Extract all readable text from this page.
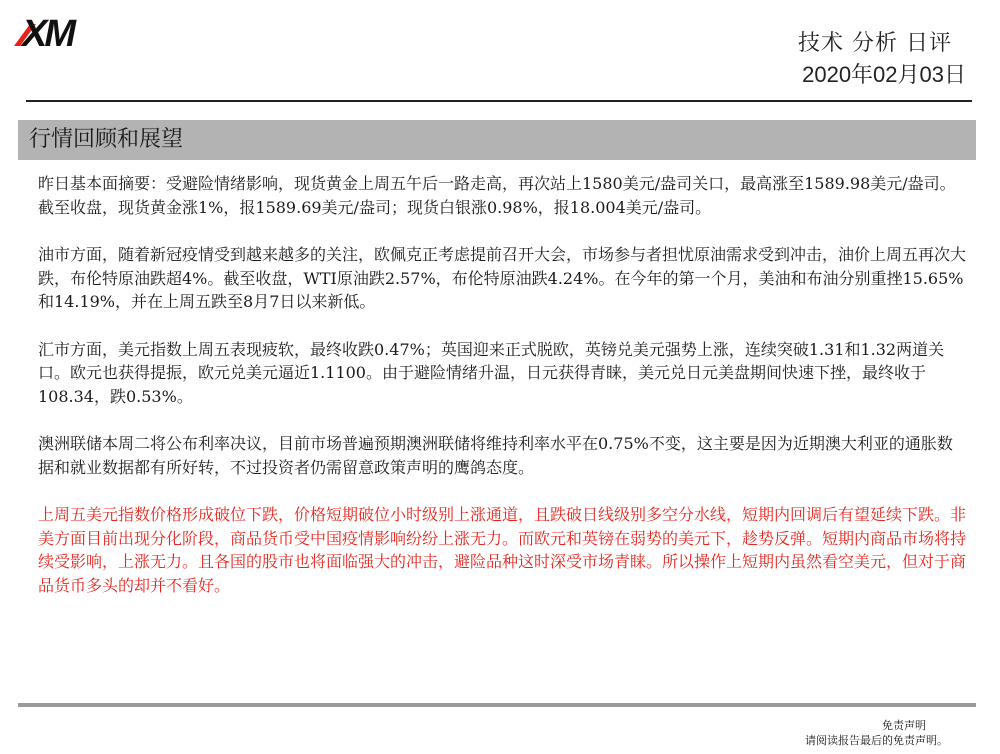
XM	技术 分析 日评
2020年02月03日
行情回顾和展望

昨日基本面摘要：受避险情绪影响，现货黄金上周五午后一路走高，再次站上1580美元/盎司关口，最高涨至1589.98美元/盎司。截至收盘，现货黄金涨1%，报1589.69美元/盎司；现货白银涨0.98%，报18.004美元/盎司。

油市方面，随着新冠疫情受到越来越多的关注，欧佩克正考虑提前召开大会，市场参与者担忧原油需求受到冲击，油价上周五再次大跌，布伦特原油跌超4%。截至收盘，WTI原油跌2.57%，布伦特原油跌4.24%。在今年的第一个月，美油和布油分别重挫15.65%和14.19%，并在上周五跌至8月7日以来新低。

汇市方面，美元指数上周五表现疲软，最终收跌0.47%；英国迎来正式脱欧，英镑兑美元强势上涨，连续突破1.31和1.32两道关口。欧元也获得提振，欧元兑美元逼近1.1100。由于避险情绪升温，日元获得青睐，美元兑日元美盘期间快速下挫，最终收于108.34，跌0.53%。

澳洲联储本周二将公布利率决议，目前市场普遍预期澳洲联储将维持利率水平在0.75%不变，这主要是因为近期澳大利亚的通胀数据和就业数据都有所好转，不过投资者仍需留意政策声明的鹰鸽态度。

上周五美元指数价格形成破位下跌，价格短期破位小时级别上涨通道，且跌破日线级别多空分水线，短期内回调后有望延续下跌。非美方面目前出现分化阶段，商品货币受中国疫情影响纷纷上涨无力。而欧元和英镑在弱势的美元下，趁势反弹。短期内商品市场将持续受影响，上涨无力。且各国的股市也将面临强大的冲击，避险品种这时深受市场青睐。所以操作上短期内虽然看空美元，但对于商品货币多头的却并不看好。

免责声明
请阅读报告最后的免责声明。
